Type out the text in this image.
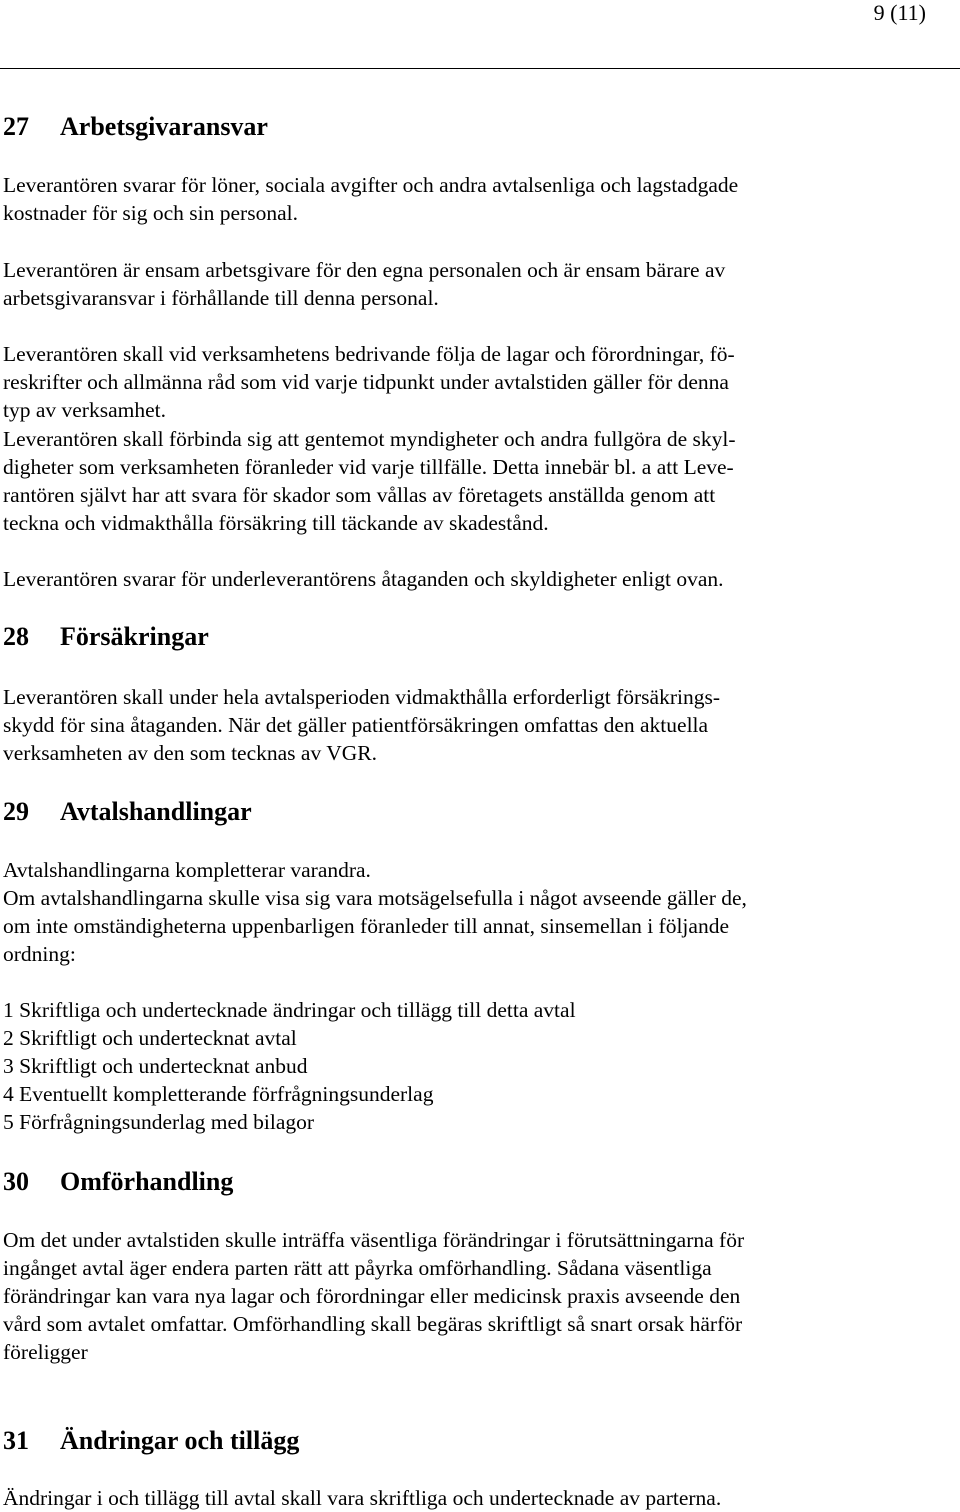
9 (11)
27 Arbetsgivaransvar
Leverantören svarar för löner, sociala avgifter och andra avtalsenliga och lagstadgade
kostnader för sig och sin personal.
Leverantören är ensam arbetsgivare för den egna personalen och är ensam bärare av
arbetsgivaransvar i förhållande till denna personal.
Leverantören skall vid verksamhetens bedrivande följa de lagar och förordningar, fö-
reskrifter och allmänna råd som vid varje tidpunkt under avtalstiden gäller för denna
typ av verksamhet.
Leverantören skall förbinda sig att gentemot myndigheter och andra fullgöra de skyl-
digheter som verksamheten föranleder vid varje tillfälle. Detta innebär bl. a att Leve-
rantören självt har att svara för skador som vållas av företagets anställda genom att
teckna och vidmakthålla försäkring till täckande av skadestånd.
Leverantören svarar för underleverantörens åtaganden och skyldigheter enligt ovan.
28 Försäkringar
Leverantören skall under hela avtalsperioden vidmakthålla erforderligt försäkrings-
skydd för sina åtaganden. När det gäller patientförsäkringen omfattas den aktuella
verksamheten av den som tecknas av VGR.
29 Avtalshandlingar
Avtalshandlingarna kompletterar varandra.
Om avtalshandlingarna skulle visa sig vara motsägelsefulla i något avseende gäller de,
om inte omständigheterna uppenbarligen föranleder till annat, sinsemellan i följande
ordning:
1 Skriftliga och undertecknade ändringar och tillägg till detta avtal
2 Skriftligt och undertecknat avtal
3 Skriftligt och undertecknat anbud
4 Eventuellt kompletterande förfrågningsunderlag
5 Förfrågningsunderlag med bilagor
30 Omförhandling
Om det under avtalstiden skulle inträffa väsentliga förändringar i förutsättningarna för
ingånget avtal äger endera parten rätt att påyrka omförhandling. Sådana väsentliga
förändringar kan vara nya lagar och förordningar eller medicinsk praxis avseende den
vård som avtalet omfattar. Omförhandling skall begäras skriftligt så snart orsak härför
föreligger
31 Ändringar och tillägg
Ändringar i och tillägg till avtal skall vara skriftliga och undertecknade av parterna.
